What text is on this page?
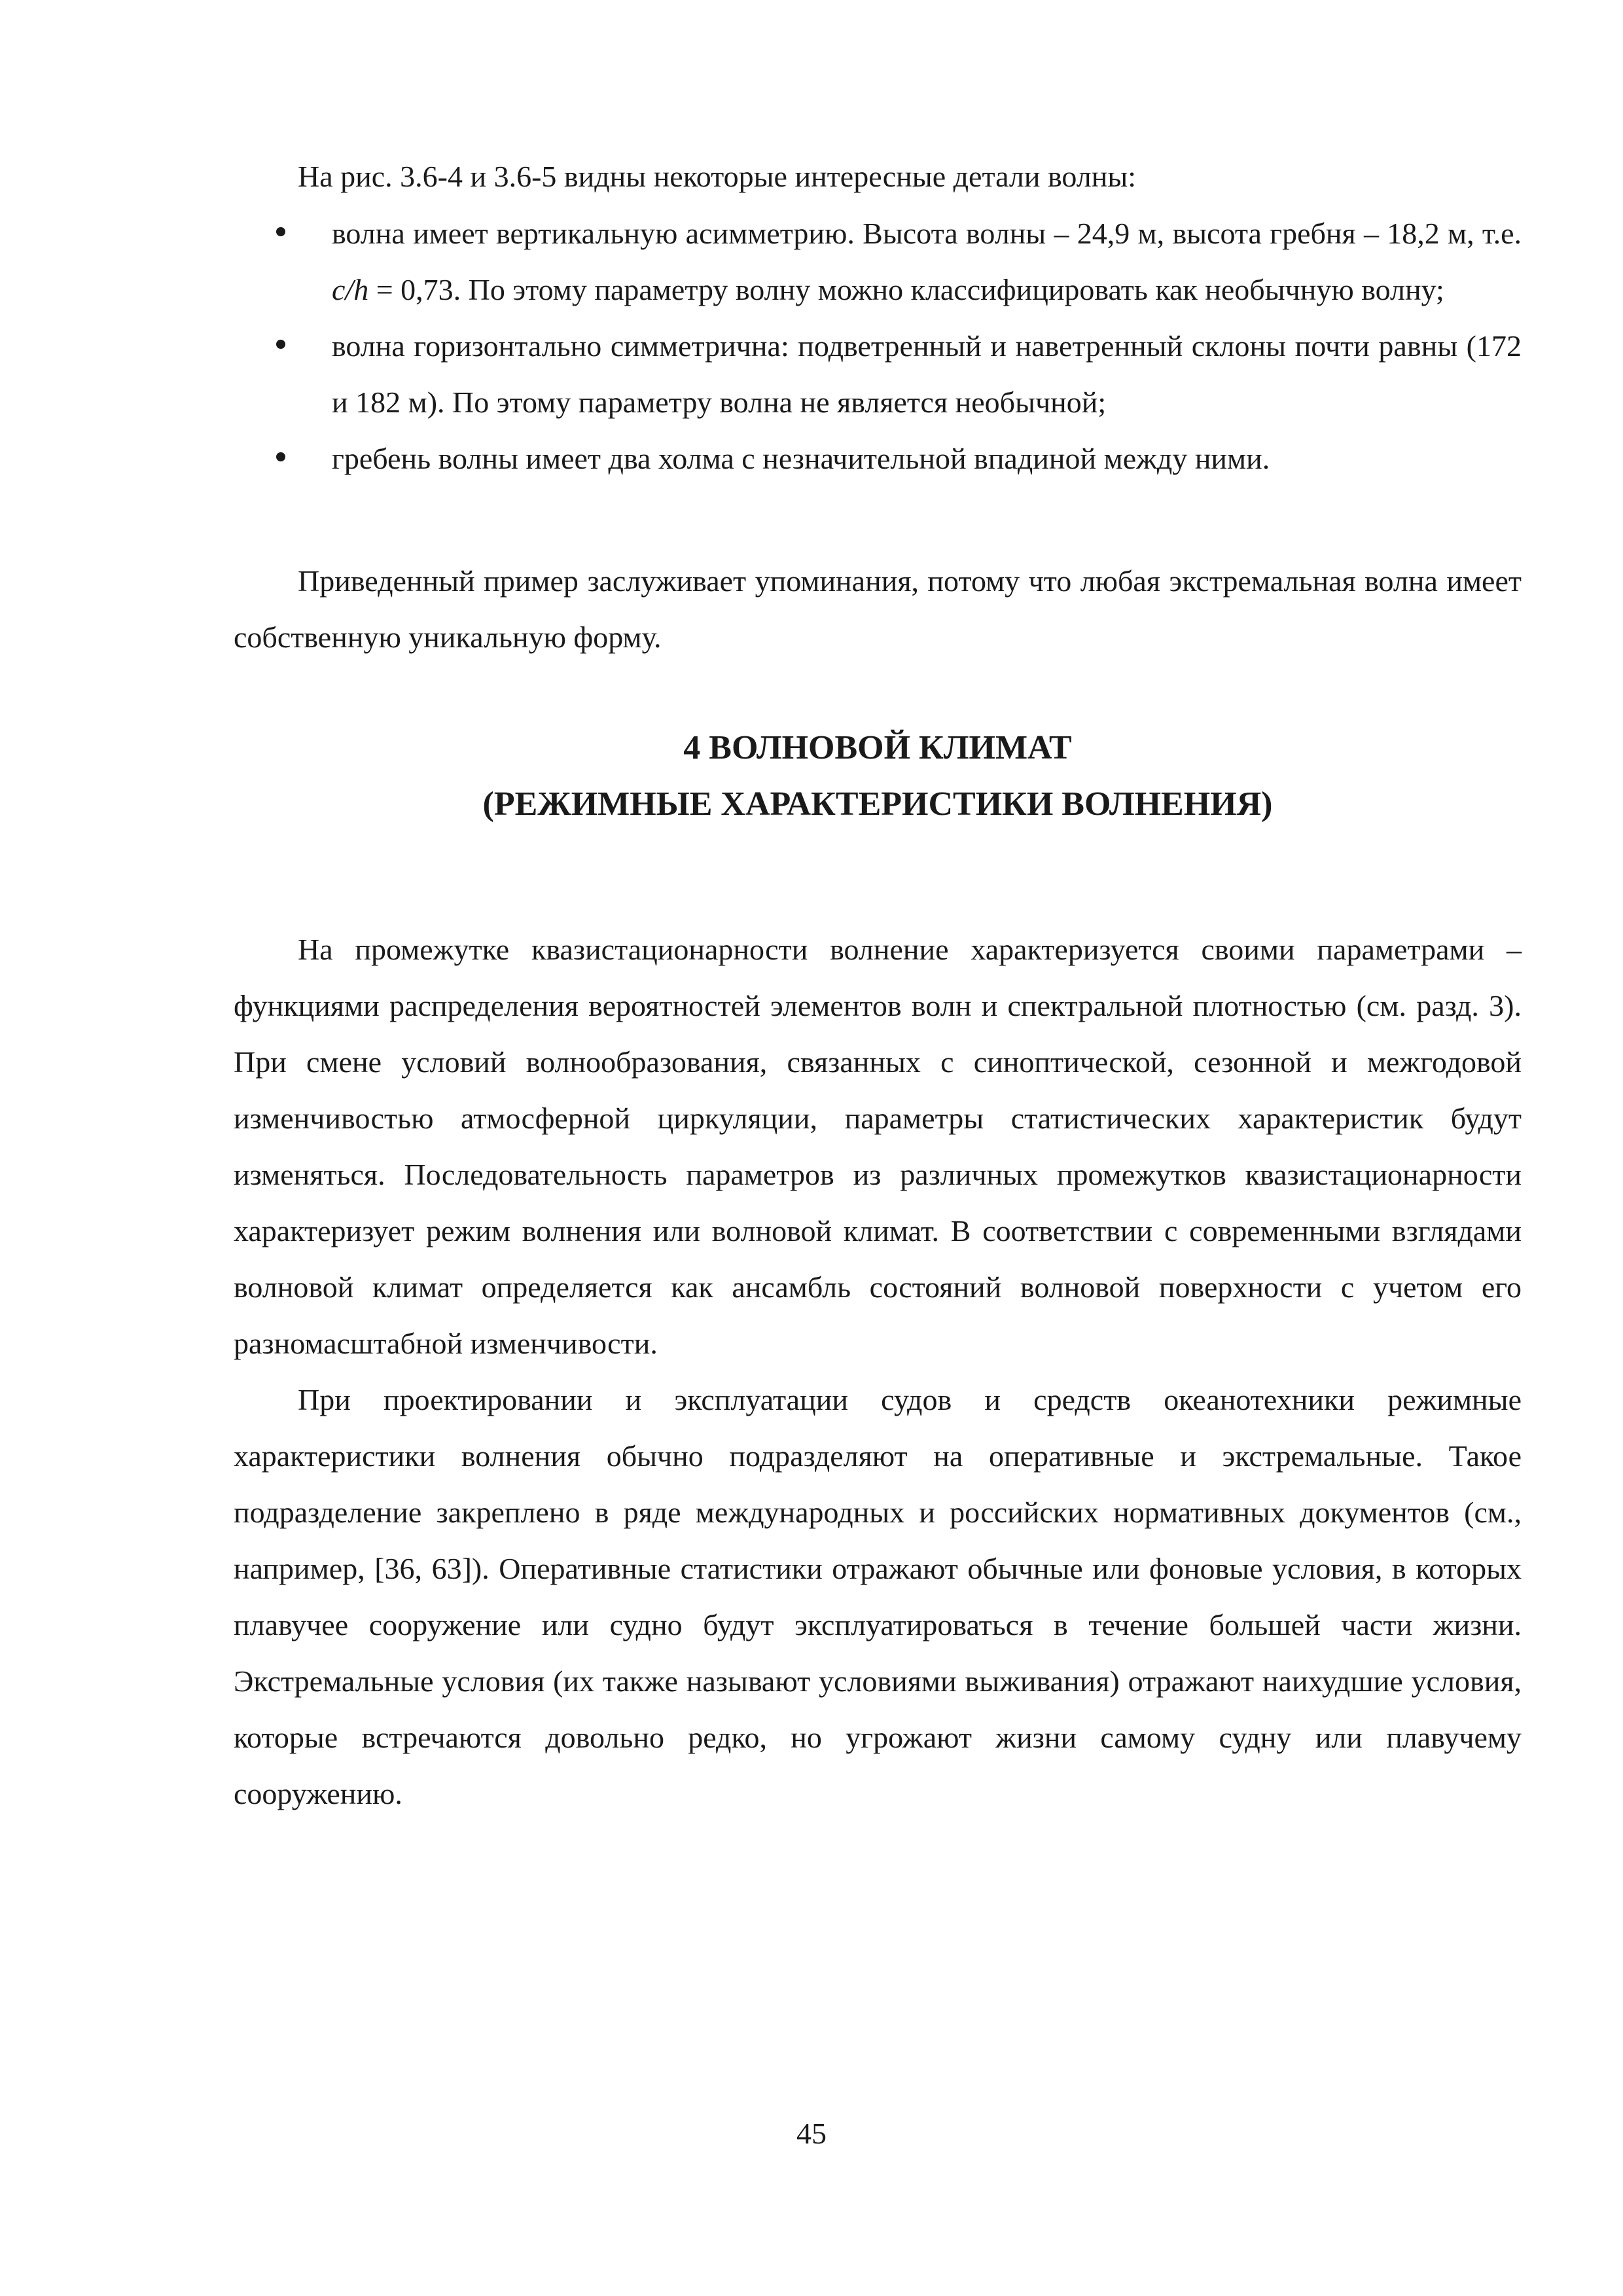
На рис. 3.6-4 и 3.6-5 видны некоторые интересные детали волны:

волна имеет вертикальную асимметрию. Высота волны – 24,9 м, высота гребня – 18,2 м, т.е. c/h = 0,73. По этому параметру волну можно классифицировать как необычную волну;
волна горизонтально симметрична: подветренный и наветренный склоны почти равны (172 и 182 м). По этому параметру волна не является необычной;
гребень волны имеет два холма с незначительной впадиной между ними.

Приведенный пример заслуживает упоминания, потому что любая экстремальная волна имеет собственную уникальную форму.

4 ВОЛНОВОЙ КЛИМАТ
(РЕЖИМНЫЕ ХАРАКТЕРИСТИКИ ВОЛНЕНИЯ)

На промежутке квазистационарности волнение характеризуется своими параметрами – функциями распределения вероятностей элементов волн и спектральной плотностью (см. разд. 3). При смене условий волнообразования, связанных с синоптической, сезонной и межгодовой изменчивостью атмосферной циркуляции, параметры статистических характеристик будут изменяться. Последовательность параметров из различных промежутков квазистационарности характеризует режим волнения или волновой климат. В соответствии с современными взглядами волновой климат определяется как ансамбль состояний волновой поверхности с учетом его разномасштабной изменчивости.

При проектировании и эксплуатации судов и средств океанотехники режимные характеристики волнения обычно подразделяют на оперативные и экстремальные. Такое подразделение закреплено в ряде международных и российских нормативных документов (см., например, [36, 63]). Оперативные статистики отражают обычные или фоновые условия, в которых плавучее сооружение или судно будут эксплуатироваться в течение большей части жизни. Экстремальные условия (их также называют условиями выживания) отражают наихудшие условия, которые встречаются довольно редко, но угрожают жизни самому судну или плавучему сооружению.

45
